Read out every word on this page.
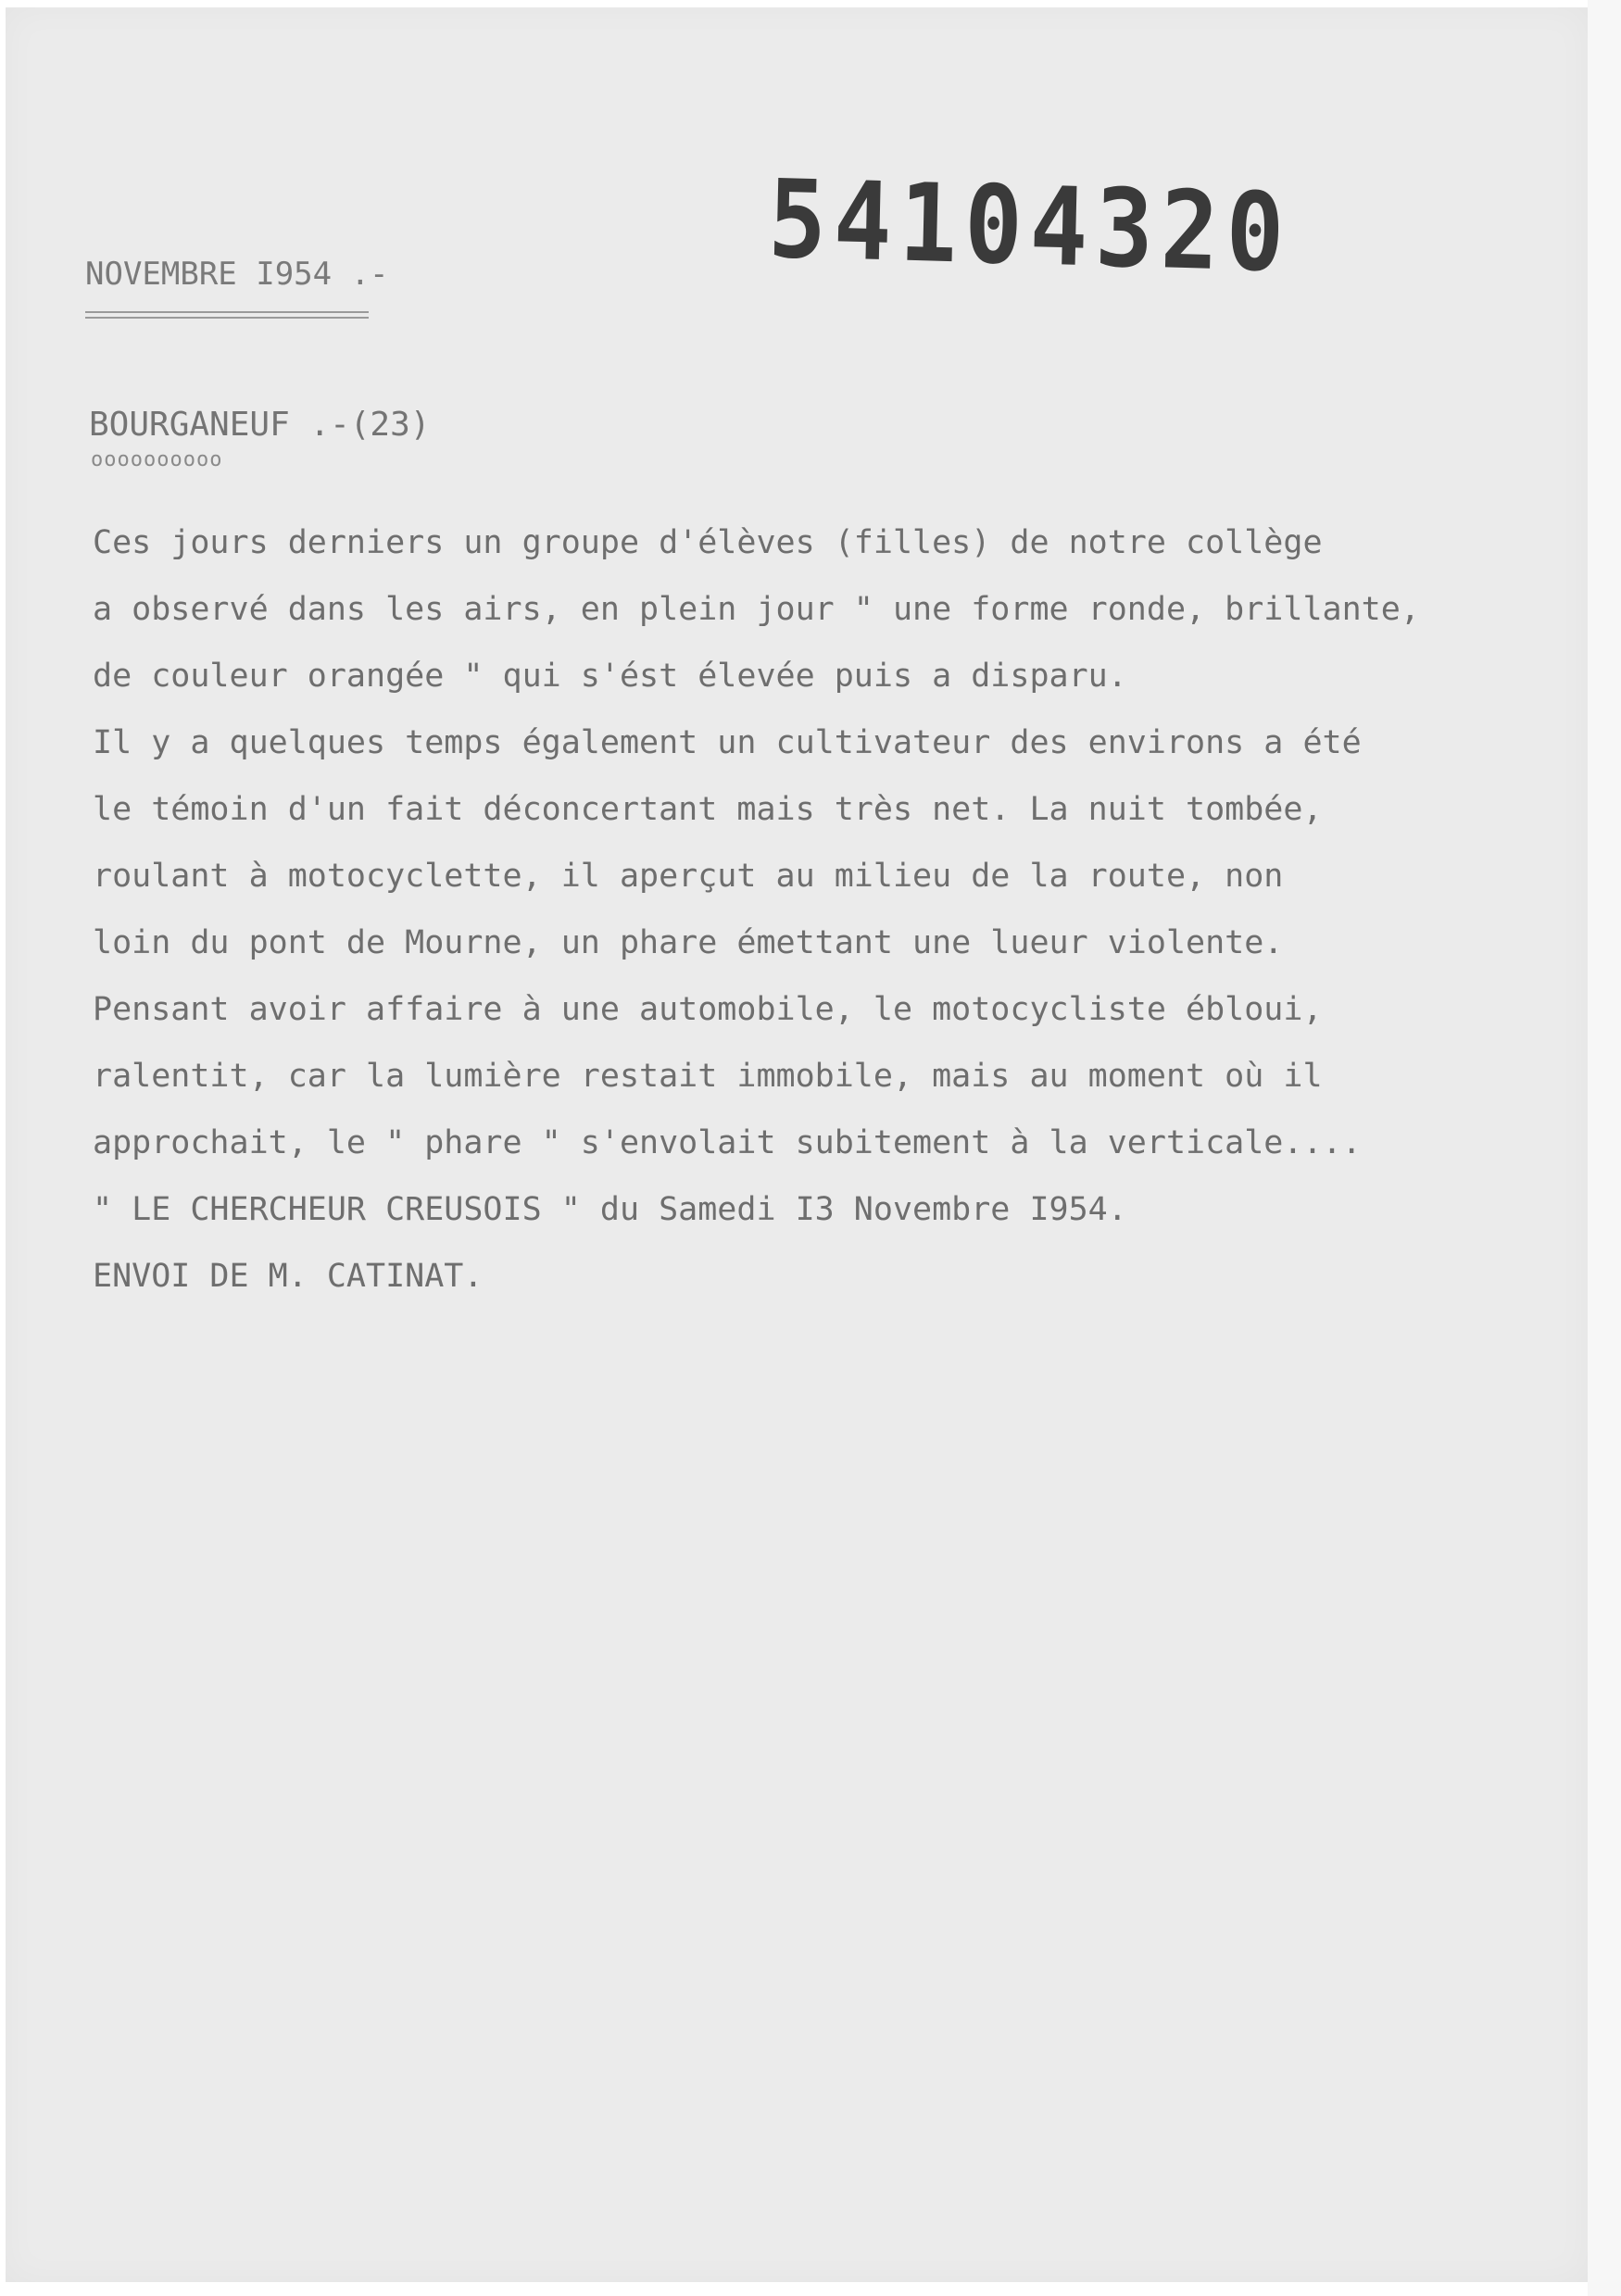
54104320
NOVEMBRE I954 .-
BOURGANEUF .-(23)
oooooooooo
Ces jours derniers un groupe d'élèves (filles) de notre collège
a observé dans les airs, en plein jour " une forme ronde, brillante,
de couleur orangée " qui s'ést élevée puis a disparu.
Il y a quelques temps également un cultivateur des environs a été
le témoin d'un fait déconcertant mais très net. La nuit tombée,
roulant à motocyclette, il aperçut au milieu de la route, non
loin du pont de Mourne, un phare émettant une lueur violente.
Pensant avoir affaire à une automobile, le motocycliste ébloui,
ralentit, car la lumière restait immobile, mais au moment où il
approchait, le " phare " s'envolait subitement à la verticale....
" LE CHERCHEUR CREUSOIS " du Samedi I3 Novembre I954.
ENVOI DE M. CATINAT.
